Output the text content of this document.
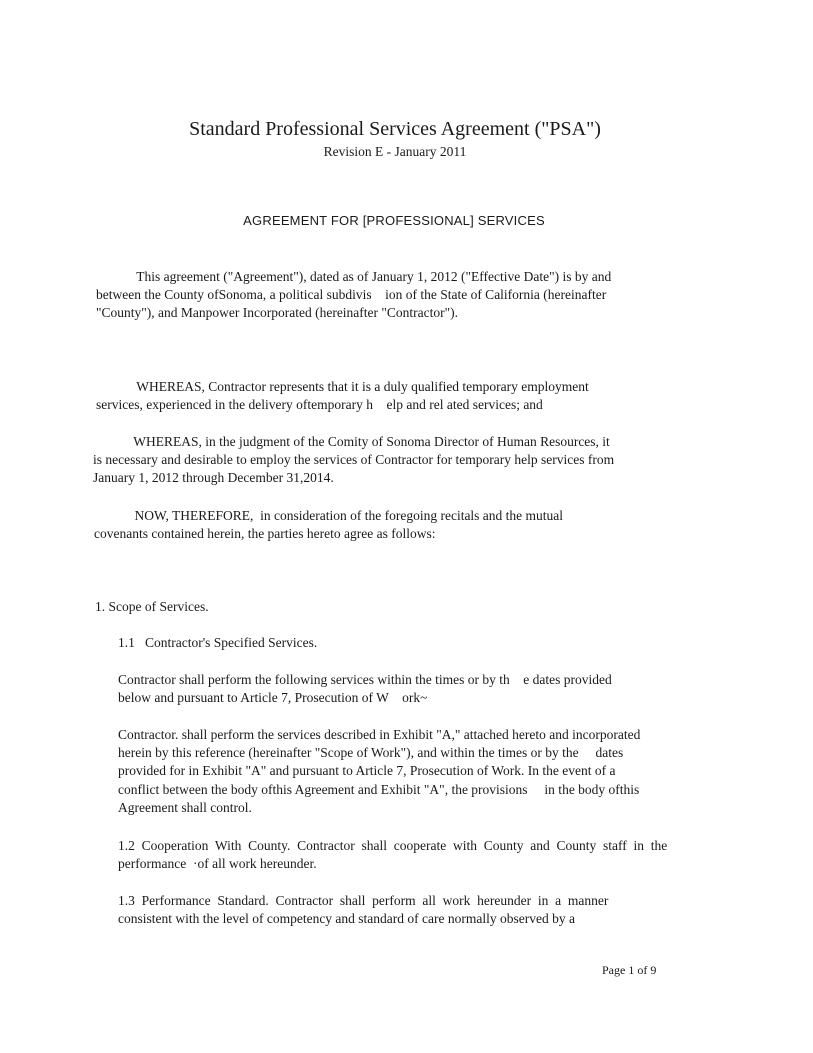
Standard Professional Services Agreement ("PSA")
Revision E - January 2011
AGREEMENT FOR [PROFESSIONAL] SERVICES
This agreement ("Agreement"), dated as of January 1, 2012 ("Effective Date") is by and
between the County ofSonoma, a political subdivis    ion of the State of California (hereinafter
"County"), and Manpower Incorporated (hereinafter "Contractor").
WHEREAS, Contractor represents that it is a duly qualified temporary employment
services, experienced in the delivery oftemporary h    elp and rel ated services; and
WHEREAS, in the judgment of the Comity of Sonoma Director of Human Resources, it
is necessary and desirable to employ the services of Contractor for temporary help services from
January 1, 2012 through December 31,2014.
NOW, THEREFORE,  in consideration of the foregoing recitals and the mutual
covenants contained herein, the parties hereto agree as follows:
1. Scope of Services.
1.1   Contractor's Specified Services.
Contractor shall perform the following services within the times or by th    e dates provided
below and pursuant to Article 7, Prosecution of W    ork~
Contractor. shall perform the services described in Exhibit "A," attached hereto and incorporated
herein by this reference (hereinafter "Scope of Work"), and within the times or by the     dates
provided for in Exhibit "A" and pursuant to Article 7, Prosecution of Work. In the event of a
conflict between the body ofthis Agreement and Exhibit "A", the provisions     in the body ofthis
Agreement shall control.
1.2  Cooperation  With  County.  Contractor  shall  cooperate  with  County  and  County  staff  in  the
performance  ·of all work hereunder.
1.3  Performance  Standard.  Contractor  shall  perform  all  work  hereunder  in  a  manner
consistent with the level of competency and standard of care normally observed by a
Page 1 of 9
